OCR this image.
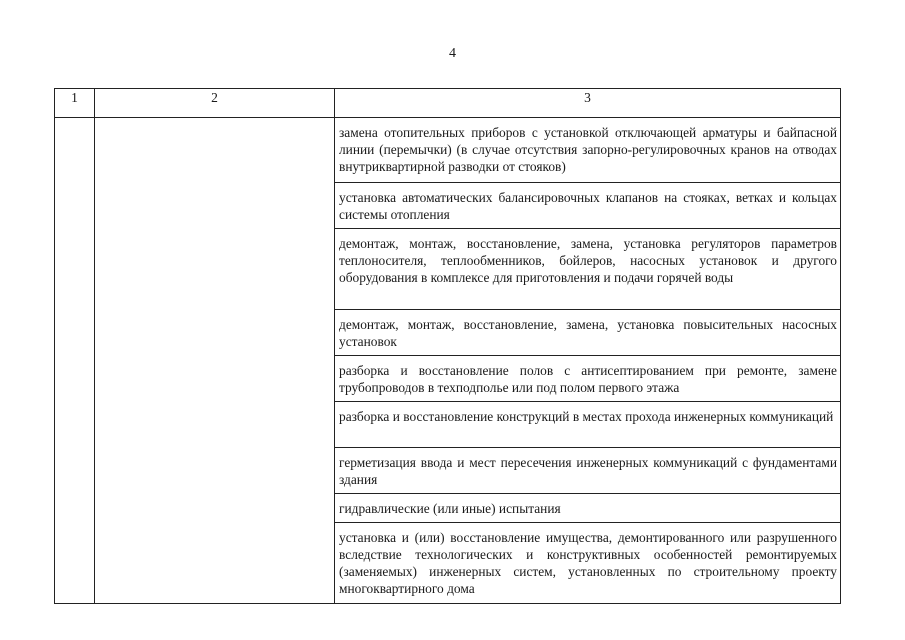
4
1	2	3
		замена отопительных приборов с установкой отключающей арматуры и байпасной линии (перемычки) (в случае отсутствия запорно-регулировочных кранов на отводах внутриквартирной разводки от стояков)
		установка автоматических балансировочных клапанов на стояках, ветках и кольцах системы отопления
		демонтаж, монтаж, восстановление, замена, установка регуляторов параметров теплоносителя, теплообменников, бойлеров, насосных установок и другого оборудования в комплексе для приготовления и подачи горячей воды
		демонтаж, монтаж, восстановление, замена, установка повысительных насосных установок
		разборка и восстановление полов с антисептированием при ремонте, замене трубопроводов в техподполье или под полом первого этажа
		разборка и восстановление конструкций в местах прохода инженерных коммуникаций
		герметизация ввода и мест пересечения инженерных коммуникаций с фундаментами здания
		гидравлические (или иные) испытания
		установка и (или) восстановление имущества, демонтированного или разрушенного вследствие технологических и конструктивных особенностей ремонтируемых (заменяемых) инженерных систем, установленных по строительному проекту многоквартирного дома
